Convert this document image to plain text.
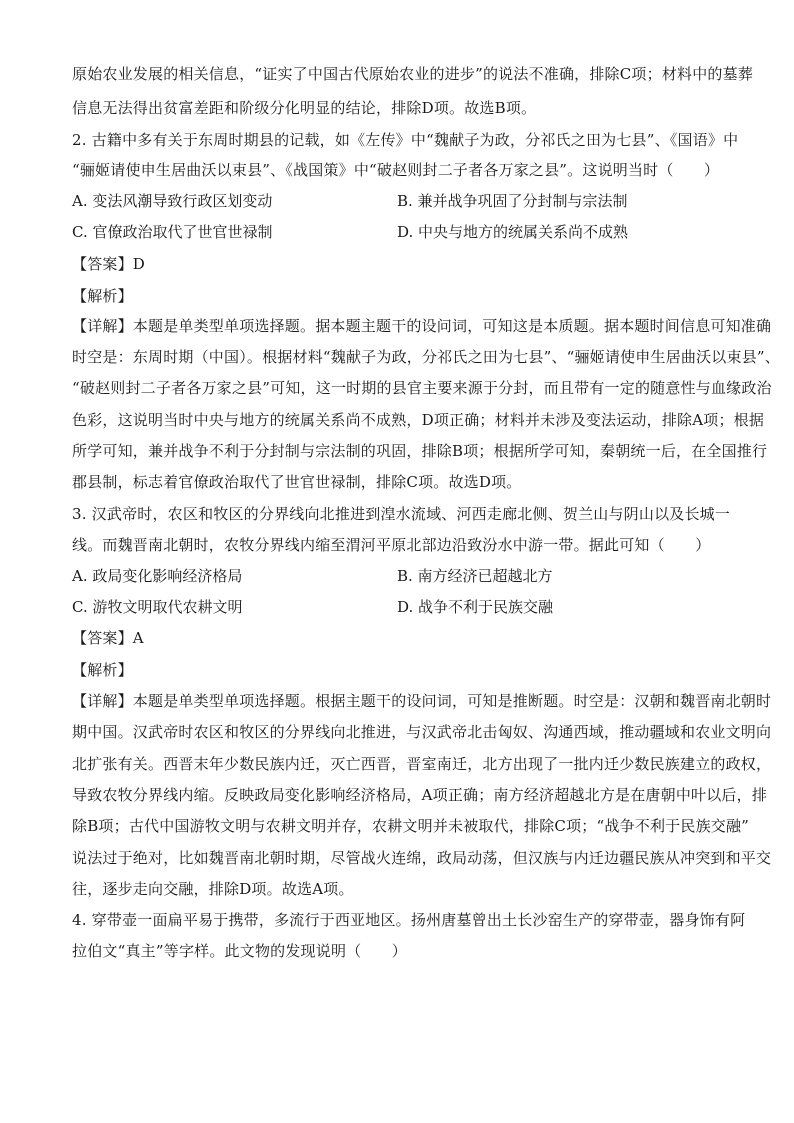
原始农业发展的相关信息，“证实了中国古代原始农业的进步”的说法不准确，排除C项；材料中的墓葬
信息无法得出贫富差距和阶级分化明显的结论，排除D项。故选B项。
2. 古籍中多有关于东周时期县的记载，如《左传》中“魏献子为政，分祁氏之田为七县”、《国语》中
“骊姬请使申生居曲沃以束县”、《战国策》中“破赵则封二子者各万家之县”。这说明当时（　　）
A. 变法风潮导致行政区划变动	B. 兼并战争巩固了分封制与宗法制
C. 官僚政治取代了世官世禄制	D. 中央与地方的统属关系尚不成熟
【答案】D
【解析】
【详解】本题是单类型单项选择题。据本题主题干的设问词，可知这是本质题。据本题时间信息可知准确
时空是：东周时期（中国）。根据材料“魏献子为政，分祁氏之田为七县”、“骊姬请使申生居曲沃以束县”、
“破赵则封二子者各万家之县”可知，这一时期的县官主要来源于分封，而且带有一定的随意性与血缘政治
色彩，这说明当时中央与地方的统属关系尚不成熟，D项正确；材料并未涉及变法运动，排除A项；根据
所学可知，兼并战争不利于分封制与宗法制的巩固，排除B项；根据所学可知，秦朝统一后，在全国推行
郡县制，标志着官僚政治取代了世官世禄制，排除C项。故选D项。
3. 汉武帝时，农区和牧区的分界线向北推进到湟水流域、河西走廊北侧、贺兰山与阴山以及长城一
线。而魏晋南北朝时，农牧分界线内缩至渭河平原北部边沿致汾水中游一带。据此可知（　　）
A. 政局变化影响经济格局	B. 南方经济已超越北方
C. 游牧文明取代农耕文明	D. 战争不利于民族交融
【答案】A
【解析】
【详解】本题是单类型单项选择题。根据主题干的设问词，可知是推断题。时空是：汉朝和魏晋南北朝时
期中国。汉武帝时农区和牧区的分界线向北推进，与汉武帝北击匈奴、沟通西域，推动疆域和农业文明向
北扩张有关。西晋末年少数民族内迁，灭亡西晋，晋室南迁，北方出现了一批内迁少数民族建立的政权，
导致农牧分界线内缩。反映政局变化影响经济格局，A项正确；南方经济超越北方是在唐朝中叶以后，排
除B项；古代中国游牧文明与农耕文明并存，农耕文明并未被取代，排除C项；“战争不利于民族交融”
说法过于绝对，比如魏晋南北朝时期，尽管战火连绵，政局动荡，但汉族与内迁边疆民族从冲突到和平交
往，逐步走向交融，排除D项。故选A项。
4. 穿带壶一面扁平易于携带，多流行于西亚地区。扬州唐墓曾出土长沙窑生产的穿带壶，器身饰有阿
拉伯文“真主”等字样。此文物的发现说明（　　）
